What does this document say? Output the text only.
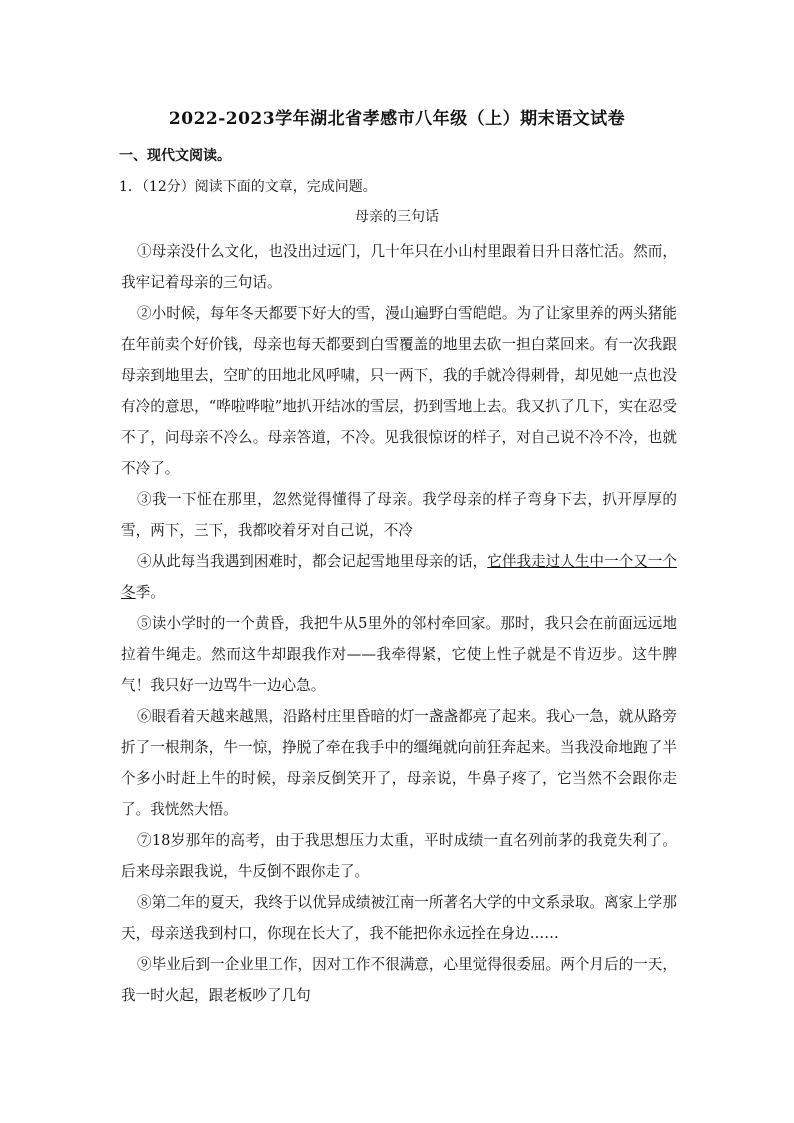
2022-2023学年湖北省孝感市八年级（上）期末语文试卷
一、现代文阅读。
1．（12分）阅读下面的文章，完成问题。
母亲的三句话

①母亲没什么文化，也没出过远门，几十年只在小山村里跟着日升日落忙活。然而，我牢记着母亲的三句话。

②小时候，每年冬天都要下好大的雪，漫山遍野白雪皑皑。为了让家里养的两头猪能在年前卖个好价钱，母亲也每天都要到白雪覆盖的地里去砍一担白菜回来。有一次我跟母亲到地里去，空旷的田地北风呼啸，只一两下，我的手就冷得刺骨，却见她一点也没有冷的意思，“哗啦哗啦”地扒开结冰的雪层，扔到雪地上去。我又扒了几下，实在忍受不了，问母亲不冷么。母亲答道，不冷。见我很惊讶的样子，对自己说不冷不冷，也就不冷了。

③我一下怔在那里，忽然觉得懂得了母亲。我学母亲的样子弯身下去，扒开厚厚的雪，两下，三下，我都咬着牙对自己说，不冷

④从此每当我遇到困难时，都会记起雪地里母亲的话，它伴我走过人生中一个又一个冬季。

⑤读小学时的一个黄昏，我把牛从5里外的邻村牵回家。那时，我只会在前面远远地拉着牛绳走。然而这牛却跟我作对——我牵得紧，它使上性子就是不肯迈步。这牛脾气！我只好一边骂牛一边心急。

⑥眼看着天越来越黑，沿路村庄里昏暗的灯一盏盏都亮了起来。我心一急，就从路旁折了一根荆条，牛一惊，挣脱了牵在我手中的缰绳就向前狂奔起来。当我没命地跑了半个多小时赶上牛的时候，母亲反倒笑开了，母亲说，牛鼻子疼了，它当然不会跟你走了。我恍然大悟。

⑦18岁那年的高考，由于我思想压力太重，平时成绩一直名列前茅的我竟失利了。后来母亲跟我说，牛反倒不跟你走了。

⑧第二年的夏天，我终于以优异成绩被江南一所著名大学的中文系录取。离家上学那天，母亲送我到村口，你现在长大了，我不能把你永远拴在身边……

⑨毕业后到一企业里工作，因对工作不很满意，心里觉得很委屈。两个月后的一天，我一时火起，跟老板吵了几句
